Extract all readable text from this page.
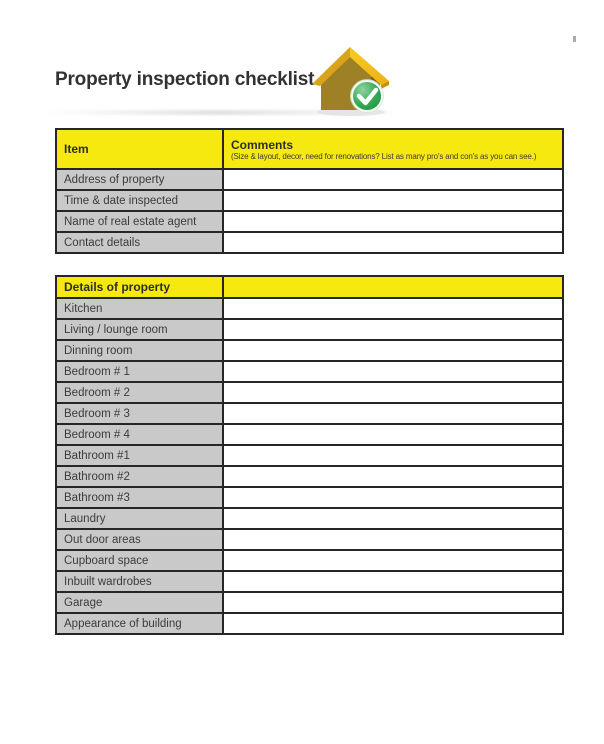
Property inspection checklist
Item	Comments
(Size & layout, decor, need for renovations? List as many pro's and con's as you can see.)

Address of property	
Time & date inspected	
Name of real estate agent	
Contact details	
Details of property	
Kitchen	
Living / lounge room	
Dinning room	
Bedroom # 1	
Bedroom # 2	
Bedroom # 3	
Bedroom # 4	
Bathroom #1	
Bathroom #2	
Bathroom #3	
Laundry	
Out door areas	
Cupboard space	
Inbuilt wardrobes	
Garage	
Appearance of building	
